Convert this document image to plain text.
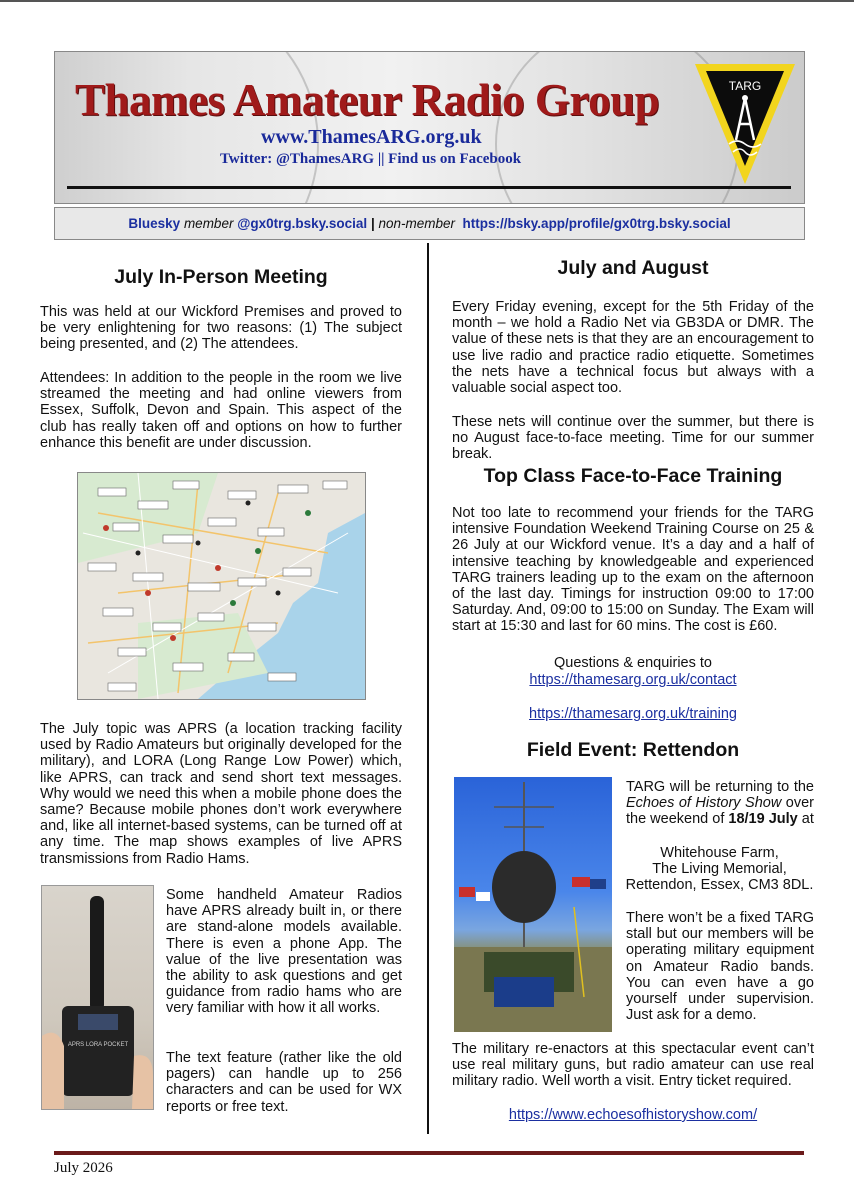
Thames Amateur Radio Group
www.ThamesARG.org.uk
Twitter: @ThamesARG || Find us on Facebook
TARG
Bluesky member @gx0trg.bsky.social | non-member https://bsky.app/profile/gx0trg.bsky.social
July In-Person Meeting

This was held at our Wickford Premises and proved to be very enlightening for two reasons: (1) The subject being presented, and (2) The attendees.

Attendees: In addition to the people in the room we live streamed the meeting and had online viewers from Essex, Suffolk, Devon and Spain. This aspect of the club has really taken off and options on how to further enhance this benefit are under discussion.

The July topic was APRS (a location tracking facility used by Radio Amateurs but originally developed for the military), and LORA (Long Range Low Power) which, like APRS, can track and send short text messages. Why would we need this when a mobile phone does the same? Because mobile phones don’t work everywhere and, like all internet-based systems, can be turned off at any time. The map shows examples of live APRS transmissions from Radio Hams.

APRS LORA POCKET

Some handheld Amateur Radios have APRS already built in, or there are stand-alone models available. There is even a phone App. The value of the live presentation was the ability to ask questions and get guidance from radio hams who are very familiar with how it all works.

The text feature (rather like the old pagers) can handle up to 256 characters and can be used for WX reports or free text.

July and August

Every Friday evening, except for the 5th Friday of the month – we hold a Radio Net via GB3DA or DMR. The value of these nets is that they are an encouragement to use live radio and practice radio etiquette. Sometimes the nets have a technical focus but always with a valuable social aspect too.

These nets will continue over the summer, but there is no August face-to-face meeting. Time for our summer break.

Top Class Face-to-Face Training

Not too late to recommend your friends for the TARG intensive Foundation Weekend Training Course on 25 & 26 July at our Wickford venue. It’s a day and a half of intensive teaching by knowledgeable and experienced TARG trainers leading up to the exam on the afternoon of the last day. Timings for instruction 09:00 to 17:00 Saturday. And, 09:00 to 15:00 on Sunday. The Exam will start at 15:30 and last for 60 mins. The cost is £60.

Questions & enquiries to

https://thamesarg.org.uk/contact

https://thamesarg.org.uk/training

Field Event: Rettendon

TARG will be returning to the Echoes of History Show over the weekend of 18/19 July at

Whitehouse Farm,

The Living Memorial,

Rettendon, Essex, CM3 8DL.

There won’t be a fixed TARG stall but our members will be operating military equipment on Amateur Radio bands. You can even have a go yourself under supervision. Just ask for a demo.

The military re-enactors at this spectacular event can’t use real military guns, but radio amateur can use real military radio. Well worth a visit. Entry ticket required.

https://www.echoesofhistoryshow.com/

July 2026
